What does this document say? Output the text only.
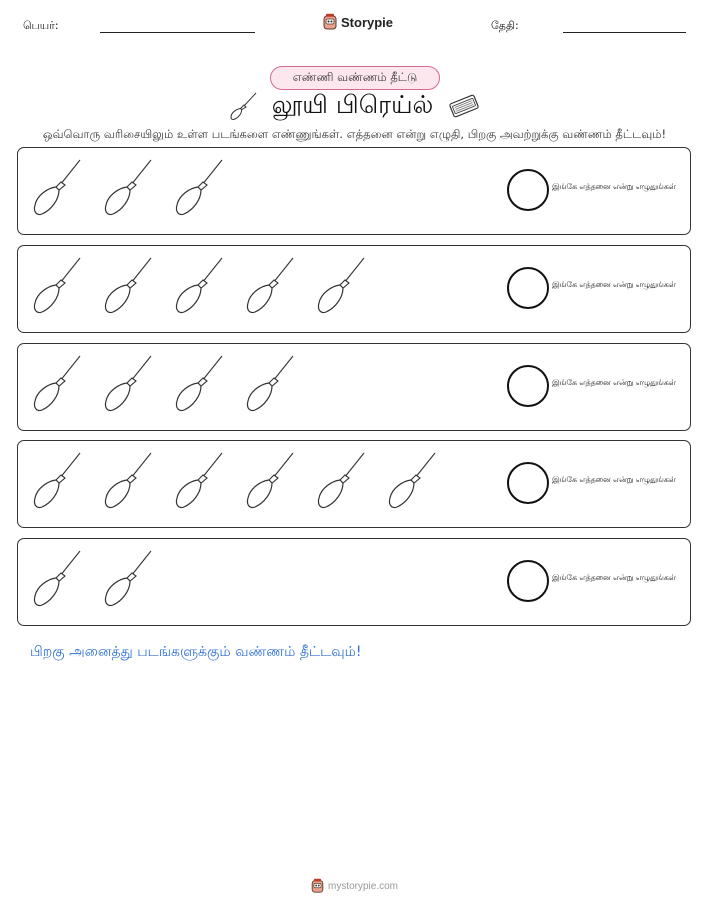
பெயர்:	Storypie	தேதி:
எண்ணி வண்ணம் தீட்டு
லூயி பிரெய்ல்
ஒவ்வொரு வரிசையிலும் உள்ள படங்களை எண்ணுங்கள். எத்தனை என்று எழுதி, பிறகு அவற்றுக்கு வண்ணம் தீட்டவும்!
இங்கே எத்தனை என்று எழுதுங்கள்
இங்கே எத்தனை என்று எழுதுங்கள்
இங்கே எத்தனை என்று எழுதுங்கள்
இங்கே எத்தனை என்று எழுதுங்கள்
இங்கே எத்தனை என்று எழுதுங்கள்
பிறகு அனைத்து படங்களுக்கும் வண்ணம் தீட்டவும்!
mystorypie.com
